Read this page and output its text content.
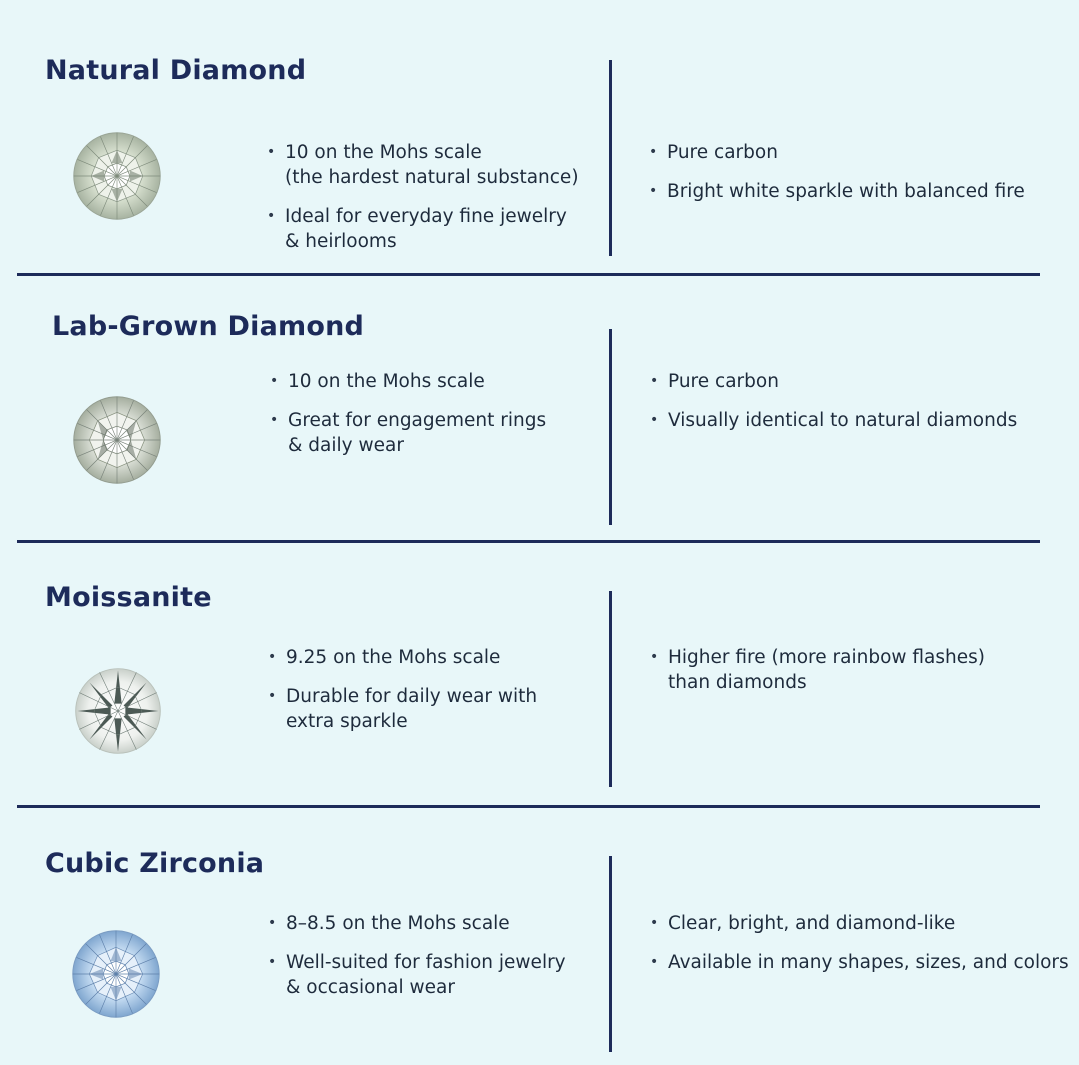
Natural Diamond
• 10 on the Mohs scale
(the hardest natural substance)
• Ideal for everyday fine jewelry
& heirlooms
• Pure carbon
• Bright white sparkle with balanced fire
Lab-Grown Diamond
• 10 on the Mohs scale
• Great for engagement rings
& daily wear
• Pure carbon
• Visually identical to natural diamonds
Moissanite
• 9.25 on the Mohs scale
• Durable for daily wear with
extra sparkle
• Higher fire (more rainbow flashes)
than diamonds
Cubic Zirconia
• 8–8.5 on the Mohs scale
• Well-suited for fashion jewelry
& occasional wear
• Clear, bright, and diamond-like
• Available in many shapes, sizes, and colors
